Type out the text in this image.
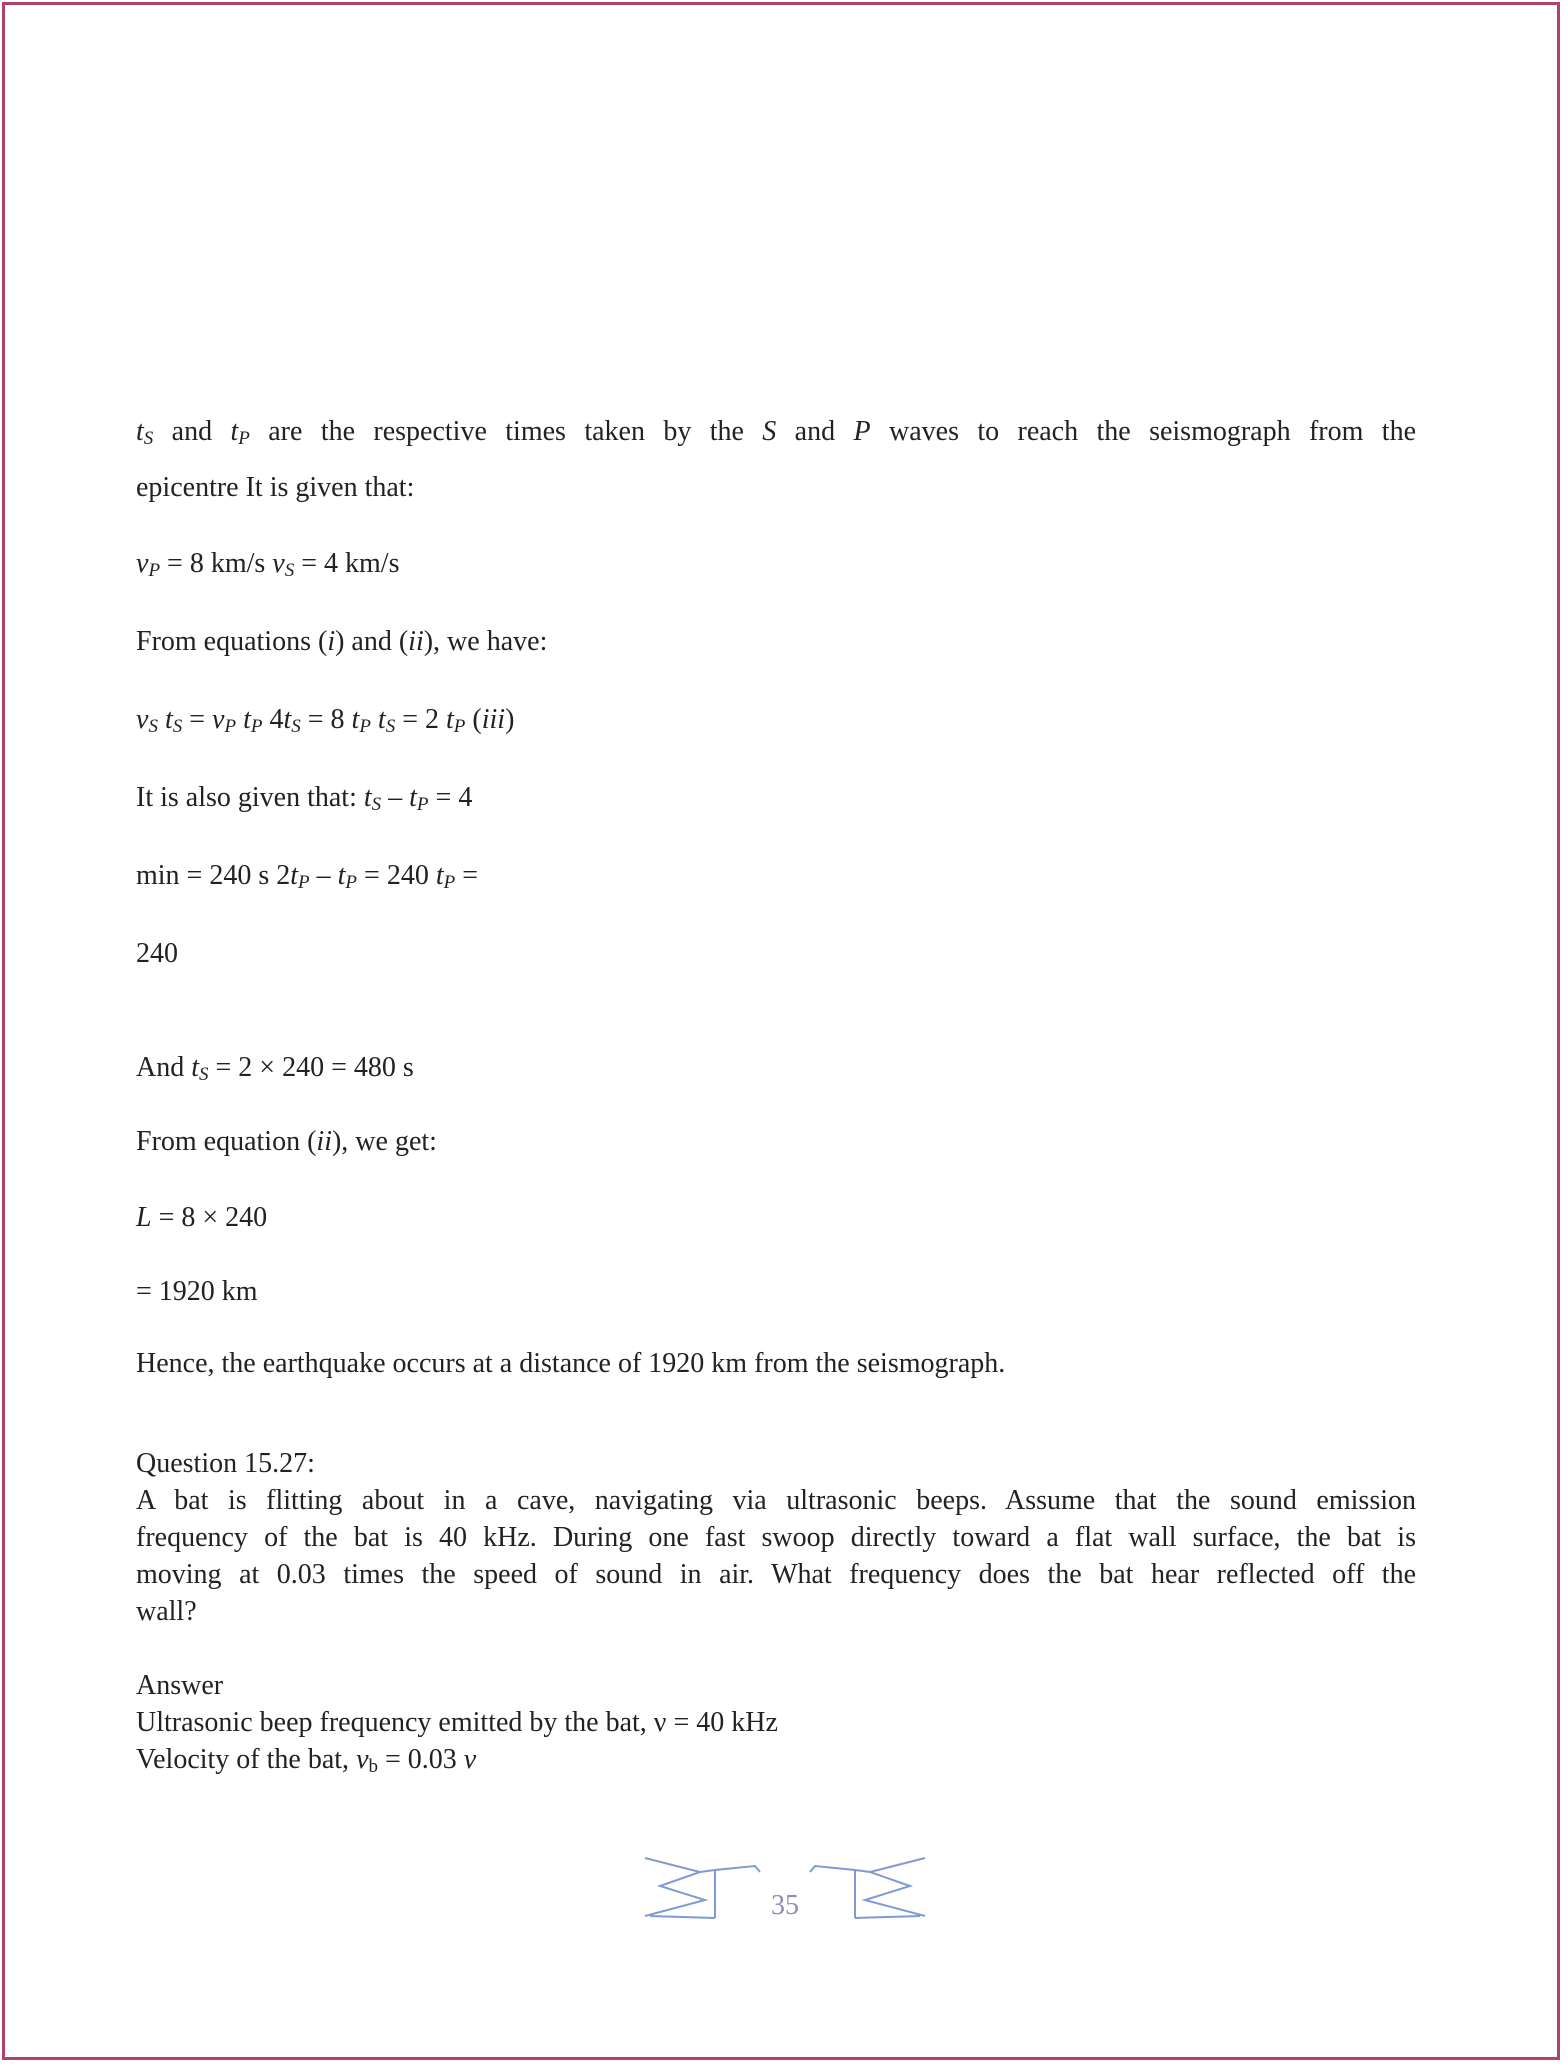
$t_S$ and $t_P$ are the respective times taken by the S and P waves to reach the seismograph from the
epicentre It is given that:
$v_P = 8$ km/s $v_S = 4$ km/s
From equations (i) and (ii), we have:
$v_S$ $t_S = v_P$ $t_P$ $4t_S = 8$ $t_P$ $t_S = 2$ $t_P$ (iii)
It is also given that: $t_S - t_P = 4$
min = 240 s $2t_P - t_P = 240$ $t_P$ =
240
And $t_S = 2 \times 240 = 480$ s
From equation (ii), we get:
L = 8 × 240
= 1920 km
Hence, the earthquake occurs at a distance of 1920 km from the seismograph.
Question 15.27:
A bat is flitting about in a cave, navigating via ultrasonic beeps. Assume that the sound emission
frequency of the bat is 40 kHz. During one fast swoop directly toward a flat wall surface, the bat is
moving at 0.03 times the speed of sound in air. What frequency does the bat hear reflected off the
wall?
Answer
Ultrasonic beep frequency emitted by the bat, ν = 40 kHz
Velocity of the bat, $v_b = 0.03$ v
35
